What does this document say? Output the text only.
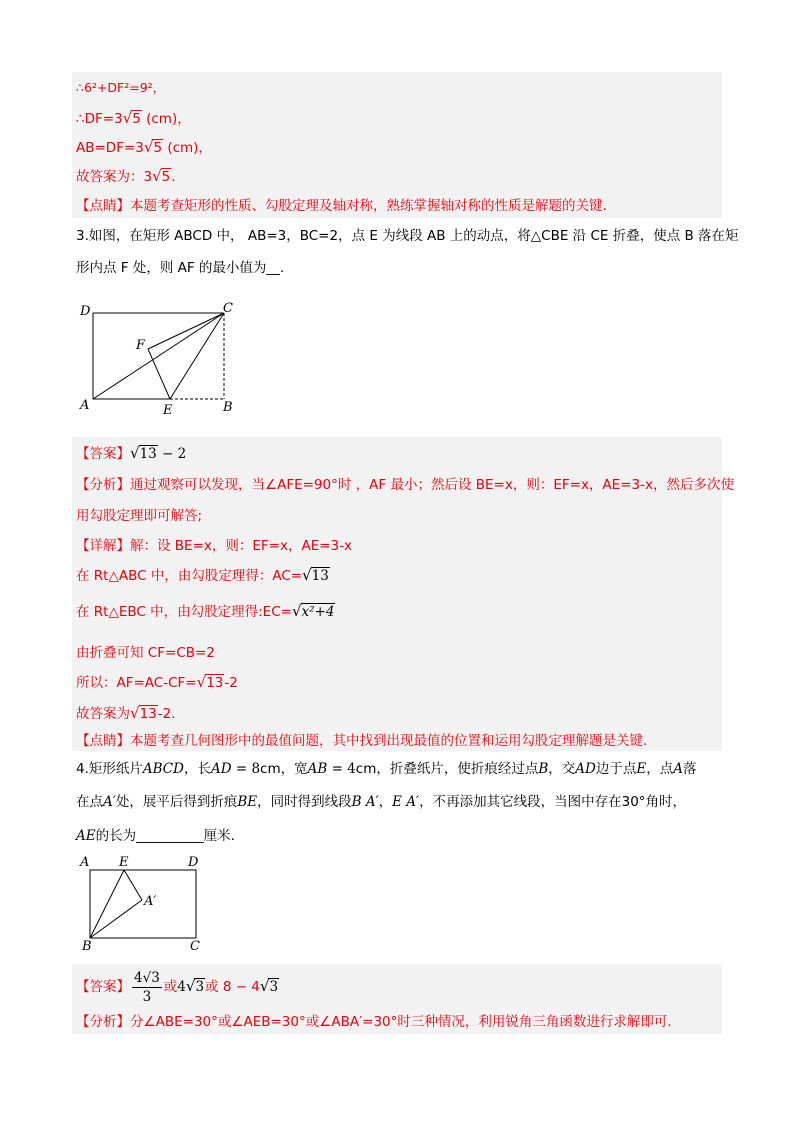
∴6²+DF²=9²，
∴DF=3√5 (cm)，
AB=DF=3√5 (cm)，
故答案为：3√5.
【点睛】本题考查矩形的性质、勾股定理及轴对称，熟练掌握轴对称的性质是解题的关键.
3.如图，在矩形 ABCD 中， AB=3，BC=2，点 E 为线段 AB 上的动点，将△CBE 沿 CE 折叠，使点 B 落在矩
形内点 F 处，则 AF 的最小值为__.
D	C
F
A	E	B
【答案】√13 − 2
【分析】通过观察可以发现，当∠AFE=90°时 ，AF 最小；然后设 BE=x，则：EF=x，AE=3-x，然后多次使
用勾股定理即可解答;
【详解】解：设 BE=x，则：EF=x，AE=3-x
在 Rt△ABC 中，由勾股定理得：AC=√13
在 Rt△EBC 中，由勾股定理得:EC=√x²+4
由折叠可知 CF=CB=2
所以：AF=AC-CF=√13-2
故答案为√13-2.
【点睛】本题考查几何图形中的最值问题，其中找到出现最值的位置和运用勾股定理解题是关键.
4.矩形纸片ABCD，长AD = 8cm，宽AB = 4cm，折叠纸片，使折痕经过点B，交AD边于点E，点A落
在点A′处，展平后得到折痕BE，同时得到线段B A′，E A′，不再添加其它线段，当图中存在30°角时，
AE的长为__________厘米.
A E	D
A′
B	C
【答案】 $\frac{4√3}{3}$ 或4√3或 8 − 4√3
【分析】分∠ABE=30°或∠AEB=30°或∠ABA′=30°时三种情况，利用锐角三角函数进行求解即可.
